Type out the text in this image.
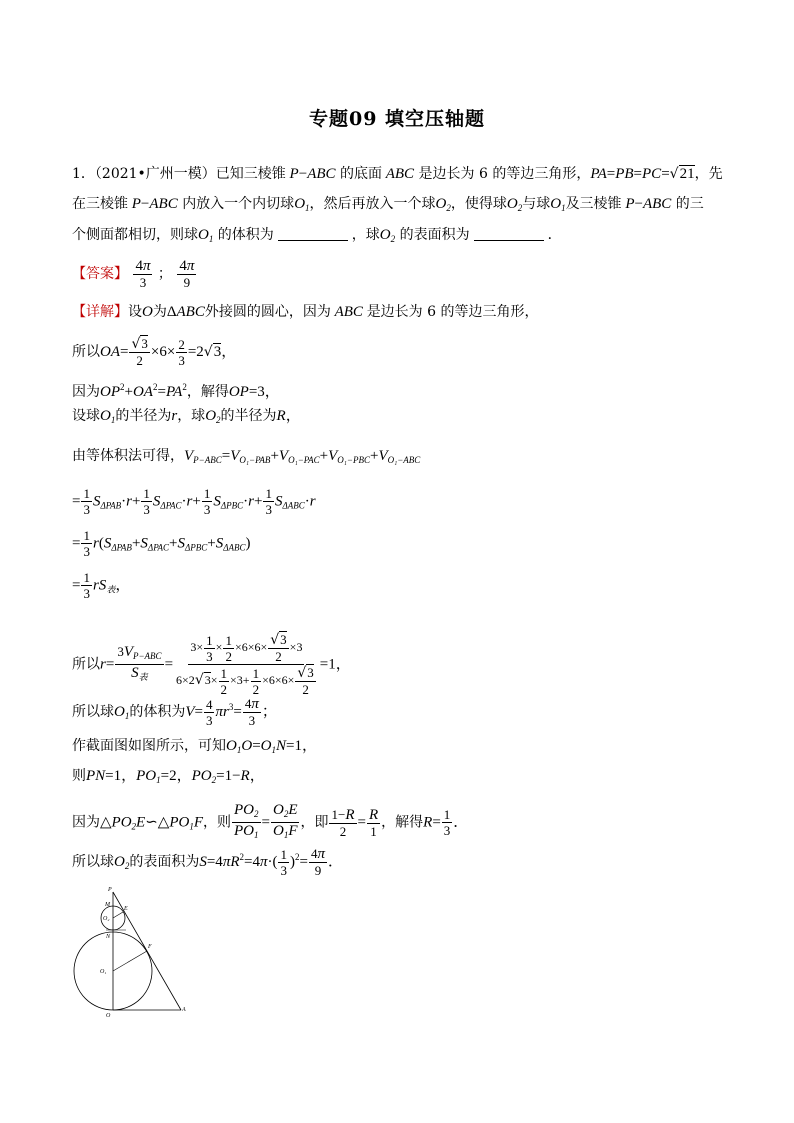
专题09 填空压轴题
1．（2021•广州一模）已知三棱锥 P−ABC 的底面 ABC 是边长为 6 的等边三角形，PA=PB=PC=√21，先
在三棱锥 P−ABC 内放入一个内切球$O_1$，然后再放入一个球$O_2$，使得球$O_2$与球$O_1$及三棱锥 P−ABC 的三
个侧面都相切，则球$O_1$ 的体积为	，球$O_2$ 的表面积为	．
【答案】 $\frac{4\pi}{3}$ ； $\frac{4\pi}{9}$
【详解】设O为ΔABC外接圆的圆心，因为 ABC 是边长为 6 的等边三角形，
所以$OA= \frac{√3}{2} \times 6\times \frac{2}{3} =2√3$，
因为$OP^2+OA^2=PA^2$，解得OP=3，
设球$O_1$的半径为r，球$O_2$的半径为R，
由等体积法可得，$V_{P-ABC}=V_{O_1-PAB}+V_{O_1-PAC}+V_{O_1-PBC}+V_{O_1-ABC}$
= $\frac{1}{3} S_{\Delta PAB}\cdot r+ \frac{1}{3} S_{\Delta PAC}\cdot r+ \frac{1}{3} S_{\Delta PBC}\cdot r+ \frac{1}{3} S_{\Delta ABC}\cdot r$
= $\frac{1}{3} r(S_{\Delta PAB}+S_{\Delta PAC}+S_{\Delta PBC}+S_{\Delta ABC})$
= $\frac{1}{3} rS_表$，
所以$r= \frac{3V_{P-ABC}}{S_表} = \frac{3\times \frac{1}{3} \times \frac{1}{2} \times 6\times 6\times \frac{√3}{2} \times 3}{6\times 2√3\times \frac{1}{2} \times 3+ \frac{1}{2} \times 6\times 6\times \frac{√3}{2}} =1$，
所以球$O_1$的体积为$V= \frac{4}{3} \pi r^3= \frac{4\pi}{3}$ ；
作截面图如图所示，可知$O_1O=O_1N=1$，
则PN=1，$PO_1=2$，$PO_2=1-R$，
因为$\triangle PO_2E∽\triangle PO_1F$，则 $\frac{PO_2}{PO_1} = \frac{O_2E}{O_1F}$ ，即 $\frac{1-R}{2} = \frac{R}{1}$ ，解得$R= \frac{1}{3}$ ．
所以球$O_2$的表面积为$S=4\pi R^2=4\pi\cdot( \frac{1}{3} )^2= \frac{4\pi}{9}$ ．
P
M
E
O₂
N
F
O₁
O
A
